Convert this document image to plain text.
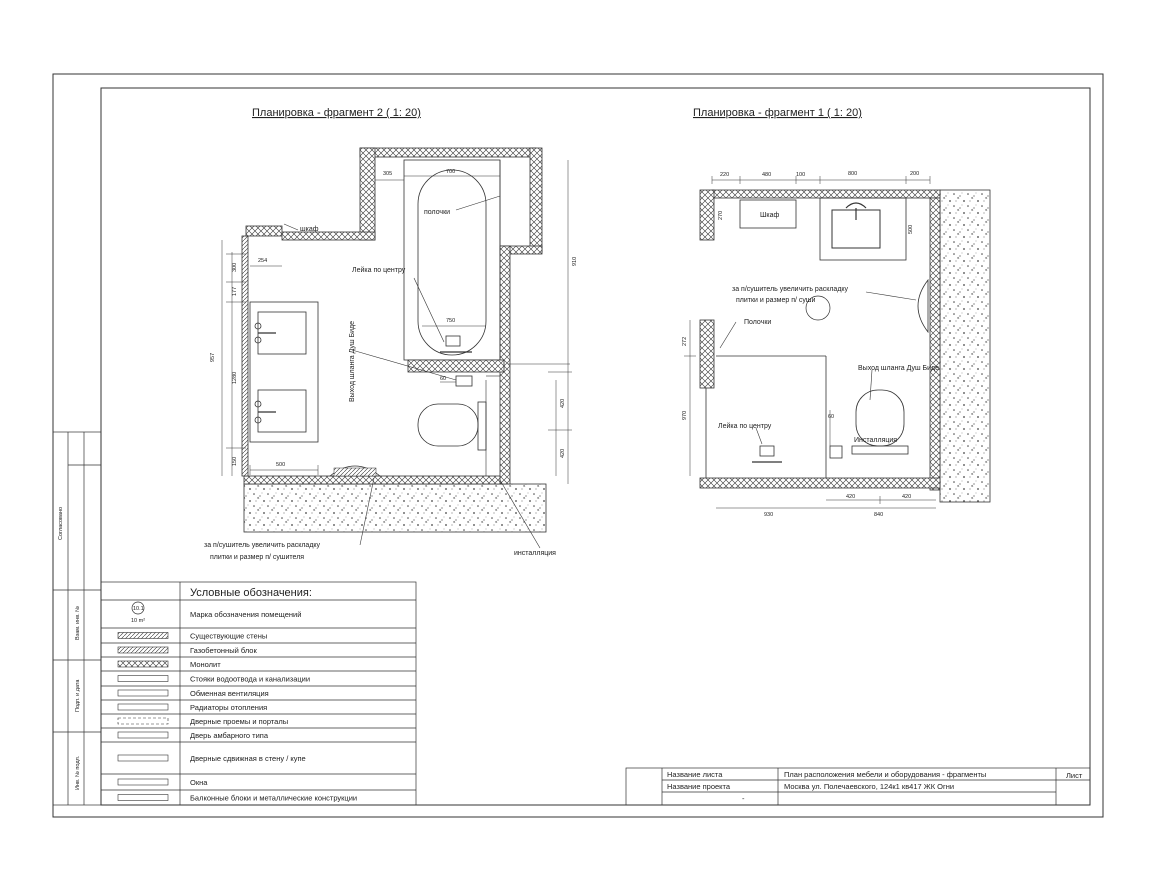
Согласовано
Взам. инв. №
Подп. и дата
Инв. № подл.
Планировка - фрагмент 2 ( 1: 20)
305	700
254
750
60
500
300
177
957
1280
150
910
420
420
шкаф
полочки
Лейка по центру
Выход шланга Душ Биде
инсталляция
за п/сушитель увеличить раскладку
плитки и размер п/ сушителя
Планировка - фрагмент 1 ( 1: 20)
220	480	100	800	200
270
500
272
970	60
420	420
930	840
Шкаф
за п/сушитель увеличить раскладку
плитки и размер п/ суши
Полочки
Выход шланга Душ Биде
Лейка по центру
Инсталляция
Марка обозначения помещений
Существующие стены
Газобетонный блок
Монолит
Стояки водоотвода и канализации
Обменная вентиляция
Радиаторы отопления
Дверные проемы и порталы
Дверь амбарного типа
Дверные сдвижная в стену / купе
Окна
Балконные блоки и металлические конструкции
Условные обозначения:
10.1
10 m²
Название листа	План расположения мебели и оборудования - фрагменты
Название проекта	Москва ул. Полечаевского, 124к1 кв417 ЖК Огни
Лист
-
